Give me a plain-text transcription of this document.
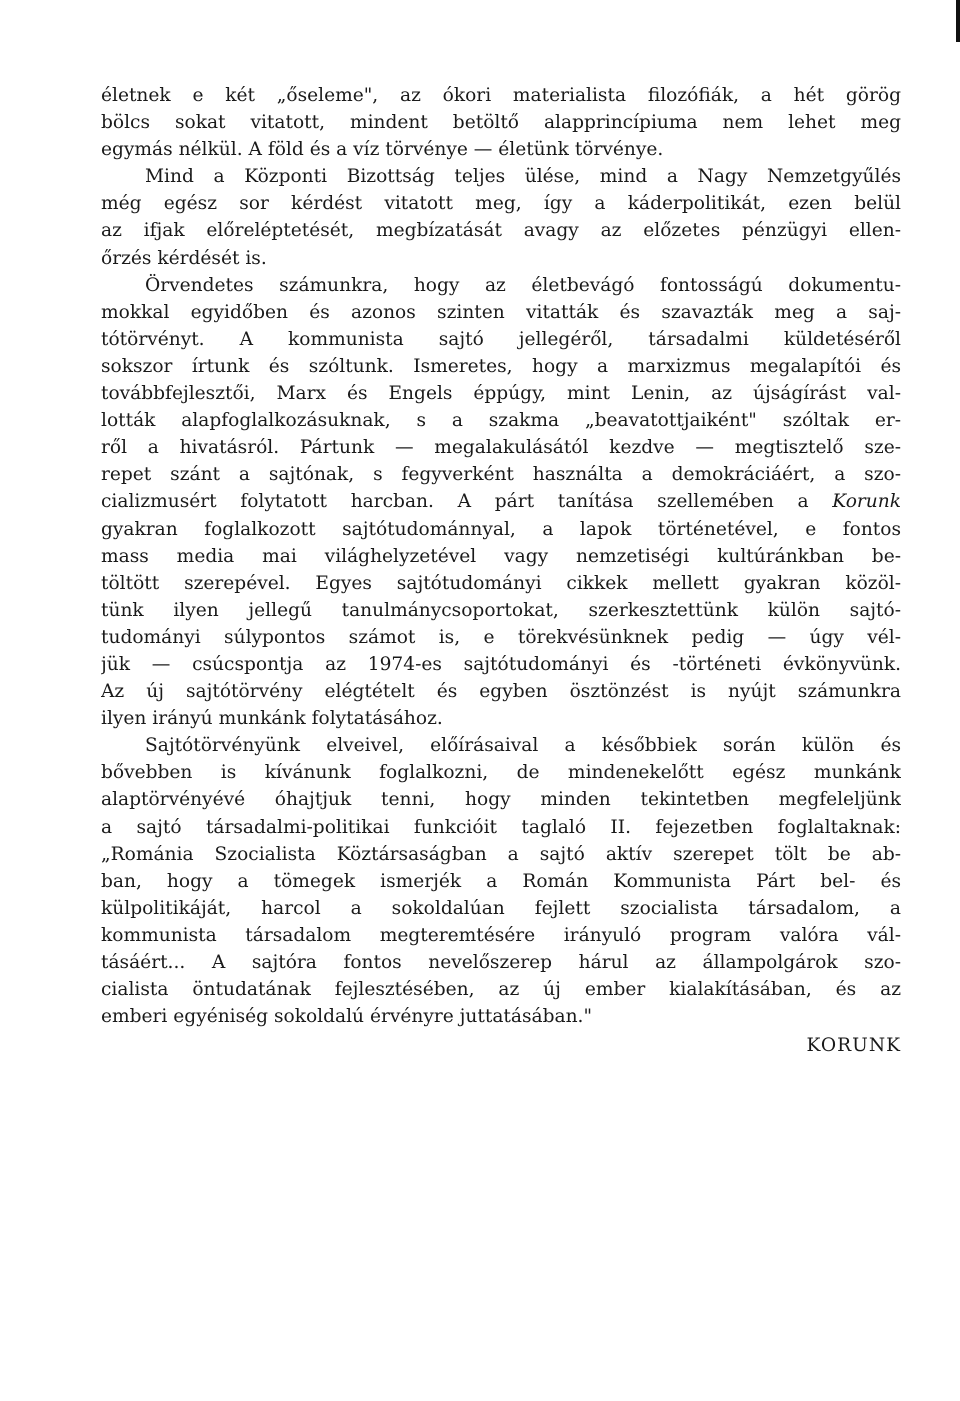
életnek e két „őseleme", az ókori materialista filozófiák, a hét görög
bölcs sokat vitatott, mindent betöltő alapprincípiuma nem lehet meg
egymás nélkül. A föld és a víz törvénye — életünk törvénye.
Mind a Központi Bizottság teljes ülése, mind a Nagy Nemzetgyűlés
még egész sor kérdést vitatott meg, így a káderpolitikát, ezen belül
az ifjak előreléptetését, megbízatását avagy az előzetes pénzügyi ellen-
őrzés kérdését is.
Örvendetes számunkra, hogy az életbevágó fontosságú dokumentu-
mokkal egyidőben és azonos szinten vitatták és szavazták meg a saj-
tótörvényt. A kommunista sajtó jellegéről, társadalmi küldetéséről
sokszor írtunk és szóltunk. Ismeretes, hogy a marxizmus megalapítói és
továbbfejlesztői, Marx és Engels éppúgy, mint Lenin, az újságírást val-
lották alapfoglalkozásuknak, s a szakma „beavatottjaiként" szóltak er-
ről a hivatásról. Pártunk — megalakulásától kezdve — megtisztelő sze-
repet szánt a sajtónak, s fegyverként használta a demokráciáért, a szo-
cializmusért folytatott harcban. A párt tanítása szellemében a Korunk
gyakran foglalkozott sajtótudománnyal, a lapok történetével, e fontos
mass media mai világhelyzetével vagy nemzetiségi kultúránkban be-
töltött szerepével. Egyes sajtótudományi cikkek mellett gyakran közöl-
tünk ilyen jellegű tanulmánycsoportokat, szerkesztettünk külön sajtó-
tudományi súlypontos számot is, e törekvésünknek pedig — úgy vél-
jük — csúcspontja az 1974-es sajtótudományi és -történeti évkönyvünk.
Az új sajtótörvény elégtételt és egyben ösztönzést is nyújt számunkra
ilyen irányú munkánk folytatásához.
Sajtótörvényünk elveivel, előírásaival a későbbiek során külön és
bővebben is kívánunk foglalkozni, de mindenekelőtt egész munkánk
alaptörvényévé óhajtjuk tenni, hogy minden tekintetben megfeleljünk
a sajtó társadalmi-politikai funkcióit taglaló II. fejezetben foglaltaknak:
„Románia Szocialista Köztársaságban a sajtó aktív szerepet tölt be ab-
ban, hogy a tömegek ismerjék a Román Kommunista Párt bel- és
külpolitikáját, harcol a sokoldalúan fejlett szocialista társadalom, a
kommunista társadalom megteremtésére irányuló program valóra vál-
tásáért... A sajtóra fontos nevelőszerep hárul az állampolgárok szo-
cialista öntudatának fejlesztésében, az új ember kialakításában, és az
emberi egyéniség sokoldalú érvényre juttatásában."
KORUNK
